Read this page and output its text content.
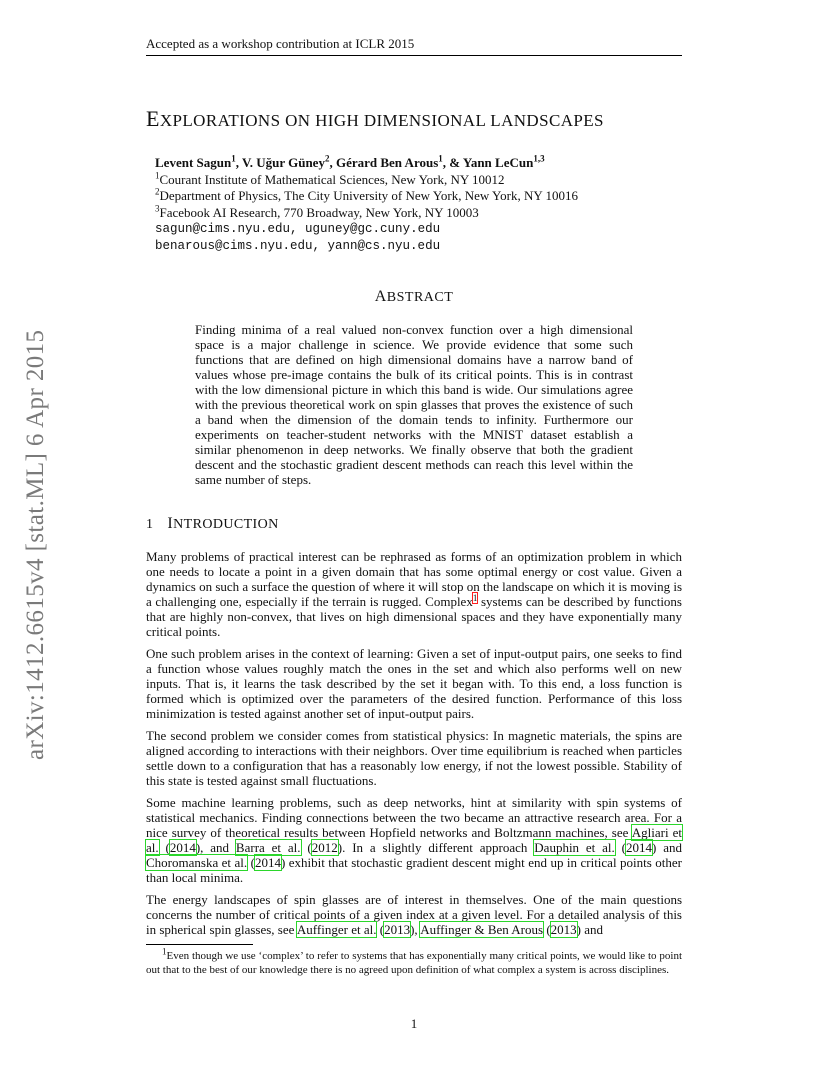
Accepted as a workshop contribution at ICLR 2015
EXPLORATIONS ON HIGH DIMENSIONAL LANDSCAPES
Levent Sagun$^1$, V. Uğur Güney$^2$, Gérard Ben Arous$^1$, & Yann LeCun$^{1,3}$
$^1$Courant Institute of Mathematical Sciences, New York, NY 10012
$^2$Department of Physics, The City University of New York, New York, NY 10016
$^3$Facebook AI Research, 770 Broadway, New York, NY 10003
sagun@cims.nyu.edu, uguney@gc.cuny.edu
benarous@cims.nyu.edu, yann@cs.nyu.edu
arXiv:1412.6615v4 [stat.ML] 6 Apr 2015
ABSTRACT
Finding minima of a real valued non-convex function over a high dimensional space is a major challenge in science. We provide evidence that some such functions that are defined on high dimensional domains have a narrow band of values whose pre-image contains the bulk of its critical points. This is in contrast with the low dimensional picture in which this band is wide. Our simulations agree with the previous theoretical work on spin glasses that proves the existence of such a band when the dimension of the domain tends to infinity. Furthermore our experiments on teacher-student networks with the MNIST dataset establish a similar phenomenon in deep networks. We finally observe that both the gradient descent and the stochastic gradient descent methods can reach this level within the same number of steps.
1 INTRODUCTION

Many problems of practical interest can be rephrased as forms of an optimization problem in which one needs to locate a point in a given domain that has some optimal energy or cost value. Given a dynamics on such a surface the question of where it will stop on the landscape on which it is moving is a challenging one, especially if the terrain is rugged. Complex$^1$ systems can be described by functions that are highly non-convex, that lives on high dimensional spaces and they have exponentially many critical points.

One such problem arises in the context of learning: Given a set of input-output pairs, one seeks to find a function whose values roughly match the ones in the set and which also performs well on new inputs. That is, it learns the task described by the set it began with. To this end, a loss function is formed which is optimized over the parameters of the desired function. Performance of this loss minimization is tested against another set of input-output pairs.

The second problem we consider comes from statistical physics: In magnetic materials, the spins are aligned according to interactions with their neighbors. Over time equilibrium is reached when particles settle down to a configuration that has a reasonably low energy, if not the lowest possible. Stability of this state is tested against small fluctuations.

Some machine learning problems, such as deep networks, hint at similarity with spin systems of statistical mechanics. Finding connections between the two became an attractive research area. For a nice survey of theoretical results between Hopfield networks and Boltzmann machines, see Agliari et al. (2014), and Barra et al. (2012). In a slightly different approach Dauphin et al. (2014) and Choromanska et al. (2014) exhibit that stochastic gradient descent might end up in critical points other than local minima.

The energy landscapes of spin glasses are of interest in themselves. One of the main questions concerns the number of critical points of a given index at a given level. For a detailed analysis of this in spherical spin glasses, see Auffinger et al. (2013), Auffinger & Ben Arous (2013) and

$^1$Even though we use ‘complex’ to refer to systems that has exponentially many critical points, we would like to point out that to the best of our knowledge there is no agreed upon definition of what complex a system is across disciplines.
1
